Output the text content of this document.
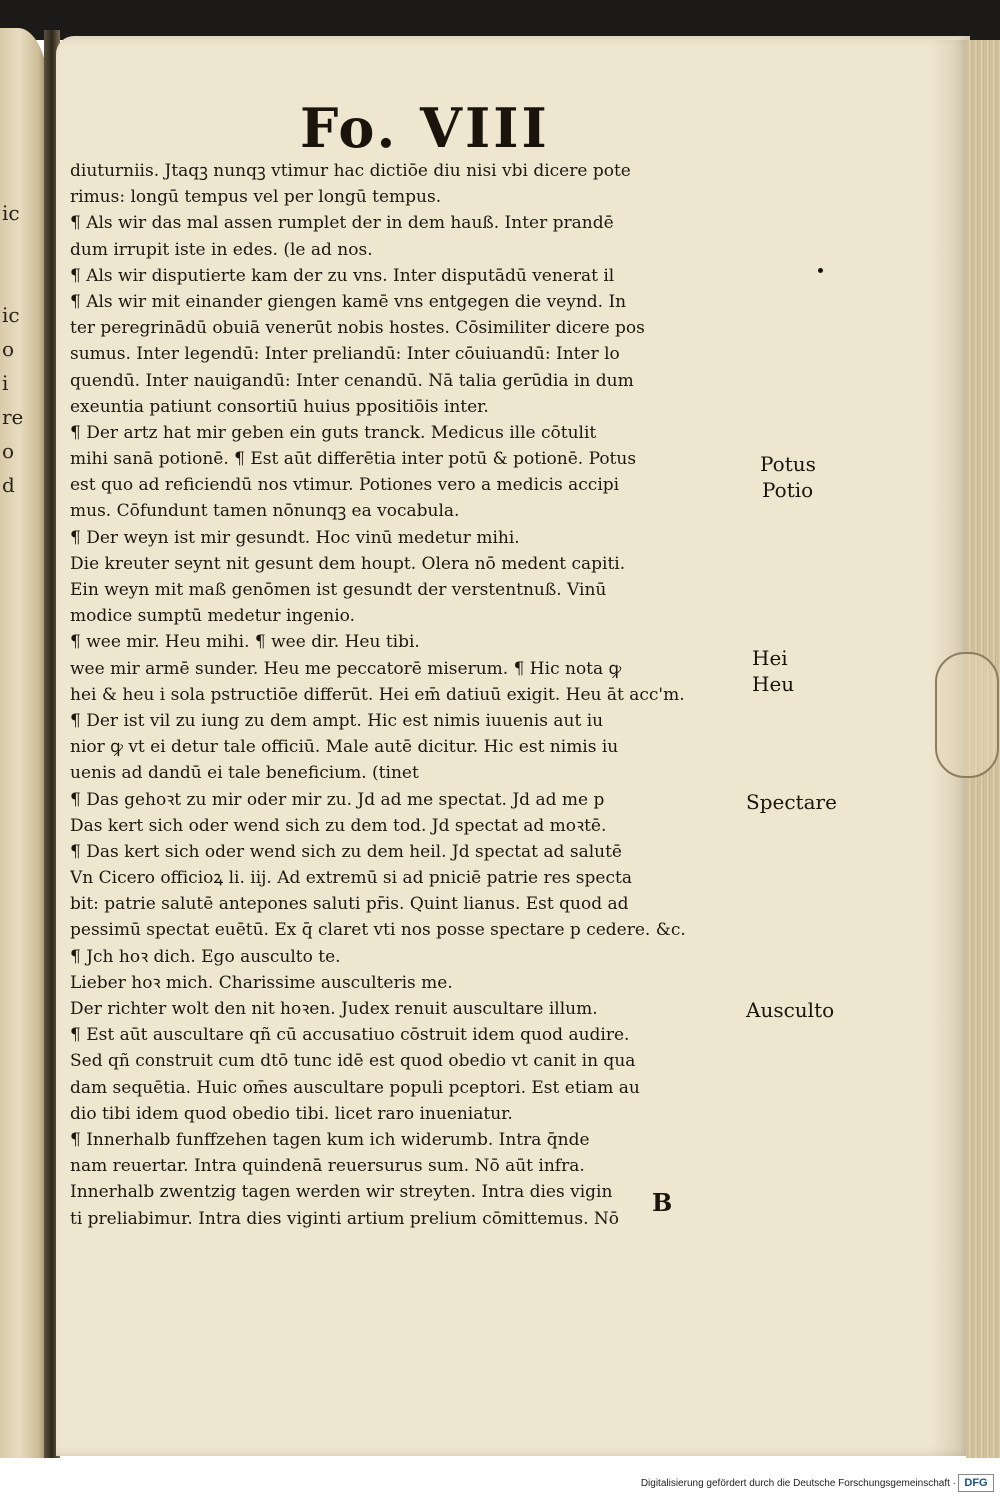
ic
ic
o
i
re
o
d
Fo. VIII
diuturniis. Jtaqꝫ nunqꝫ vtimur hac dictiōe diu nisi vbi dicere pote
rimus: longū tempus vel per longū tempus.
¶ Als wir das mal assen rumplet der in dem hauß. Inter prandē
dum irrupit iste in edes. (le ad nos.
¶ Als wir disputierte kam der zu vns. Inter disputādū venerat il
¶ Als wir mit einander giengen kamē vns entgegen die veynd. In
ter peregrinādū obuiā venerūt nobis hostes. Cōsimiliter dicere pos
sumus. Inter legendū: Inter preliandū: Inter cōuiuandū: Inter lo
quendū. Inter nauigandū: Inter cenandū. Nā talia gerūdia in dum
exeuntia patiunt consortiū huius ppositiōis inter.
¶ Der artz hat mir geben ein guts tranck. Medicus ille cōtulit
mihi sanā potionē. ¶ Est aūt differētia inter potū & potionē. Potus
est quo ad reficiendū nos vtimur. Potiones vero a medicis accipi
mus. Cōfundunt tamen nōnunqꝫ ea vocabula.
¶ Der weyn ist mir gesundt. Hoc vinū medetur mihi.
Die kreuter seynt nit gesunt dem houpt. Olera nō medent capiti.
Ein weyn mit maß genōmen ist gesundt der verstentnuß. Vinū
modice sumptū medetur ingenio.
¶ wee mir. Heu mihi. ¶ wee dir. Heu tibi.
wee mir armē sunder. Heu me peccatorē miserum. ¶ Hic nota ꝙ
hei & heu i sola pstructiōe differūt. Hei em̄ datiuū exigit. Heu āt acc'm.
¶ Der ist vil zu iung zu dem ampt. Hic est nimis iuuenis aut iu
nior ꝙ vt ei detur tale officiū. Male autē dicitur. Hic est nimis iu
uenis ad dandū ei tale beneficium. (tinet
¶ Das gehoꝛt zu mir oder mir zu. Jd ad me spectat. Jd ad me p
Das kert sich oder wend sich zu dem tod. Jd spectat ad moꝛtē.
¶ Das kert sich oder wend sich zu dem heil. Jd spectat ad salutē
Vn Cicero officioꝝ li. iij. Ad extremū si ad pniciē patrie res specta
bit: patrie salutē antepones saluti pr̄is. Quint lianus. Est quod ad
pessimū spectat euētū. Ex q̄ claret vti nos posse spectare p cedere. &c.
¶ Jch hoꝛ dich. Ego ausculto te.
Lieber hoꝛ mich. Charissime ausculteris me.
Der richter wolt den nit hoꝛen. Judex renuit auscultare illum.
¶ Est aūt auscultare qñ cū accusatiuo cōstruit idem quod audire.
Sed qñ construit cum dtō tunc idē est quod obedio vt canit in qua
dam sequētia. Huic om̄es auscultare populi pceptori. Est etiam au
dio tibi idem quod obedio tibi. licet raro inueniatur.
¶ Innerhalb funffzehen tagen kum ich widerumb. Intra q̄nde
nam reuertar. Intra quindenā reuersurus sum. Nō aūt infra.
Innerhalb zwentzig tagen werden wir streyten. Intra dies vigin
ti preliabimur. Intra dies viginti artium prelium cōmittemus. Nō
Potus
Potio
Hei
Heu
Spectare
Ausculto
B
Digitalisierung gefördert durch die Deutsche Forschungsgemeinschaft · DFG
